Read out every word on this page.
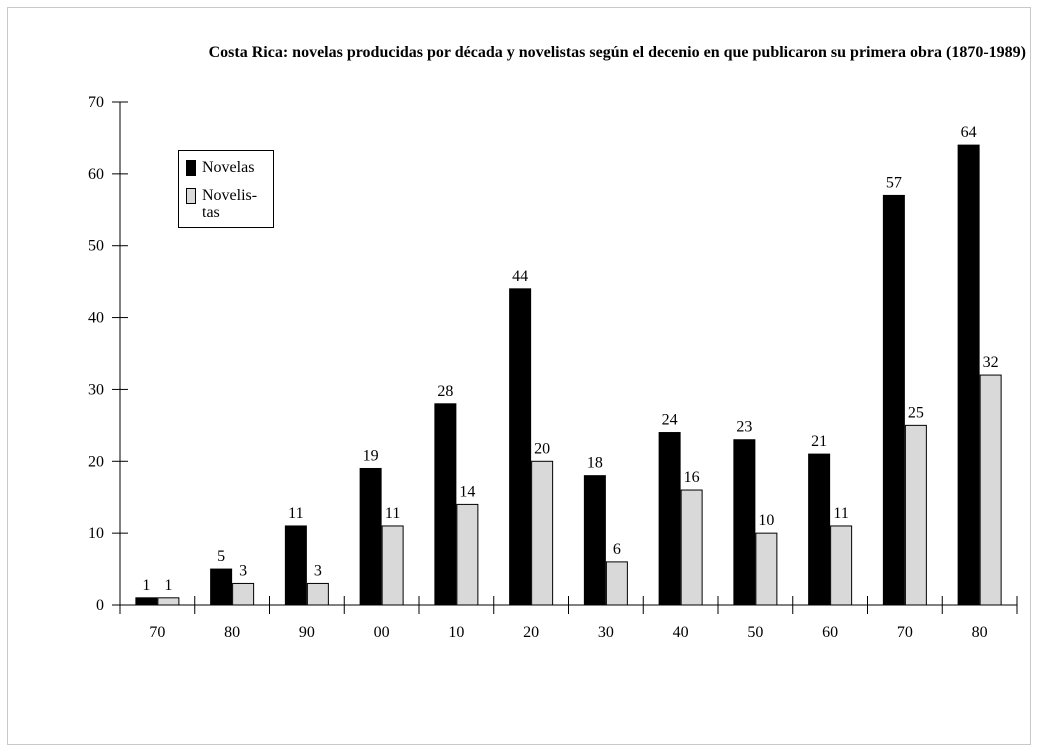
Costa Rica: novelas producidas por década y novelistas según el decenio en que publicaron su primera obra (1870-1989)
0
10
20
30
40
50
60
70
1 1
70
5
3
80
11
3
90
19
11
00
28
14
10
44
20
20
18
6
30
24
16
40
23
10
50
21
11
60
57
25
70
64
32
80
Novelas
Novelis-
tas
